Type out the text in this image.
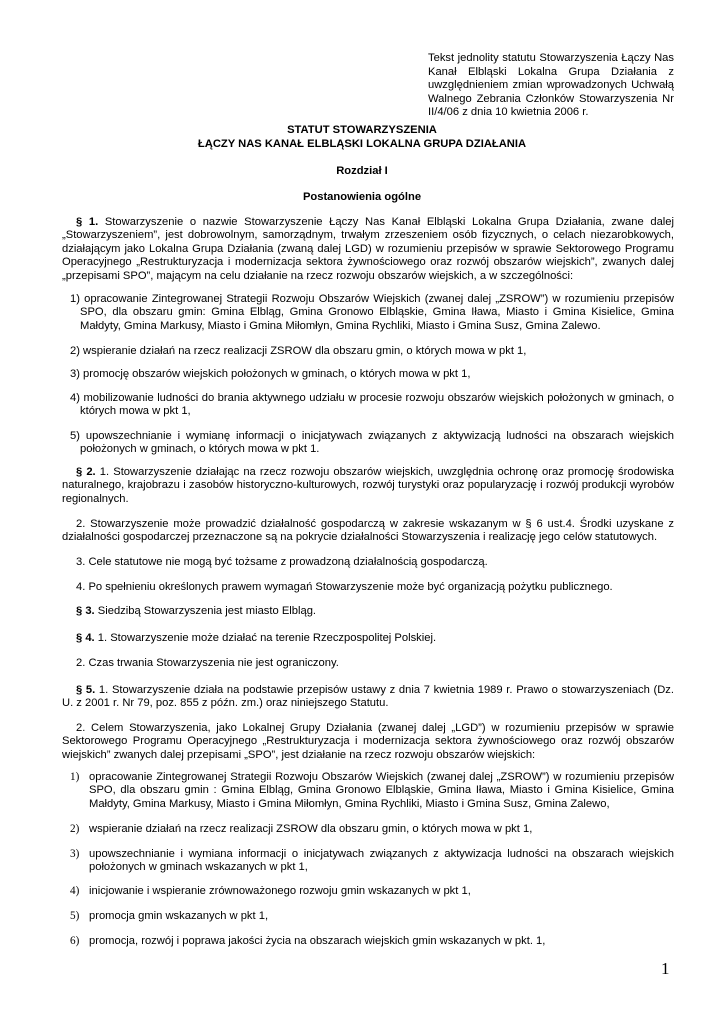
Tekst jednolity statutu Stowarzyszenia Łączy Nas Kanał Elbląski Lokalna Grupa Działania z uwzględnieniem zmian wprowadzonych Uchwałą Walnego Zebrania Członków Stowarzyszenia Nr II/4/06 z dnia 10 kwietnia 2006 r.
STATUT STOWARZYSZENIA
ŁĄCZY NAS KANAŁ ELBLĄSKI LOKALNA GRUPA DZIAŁANIA
Rozdział I
Postanowienia ogólne

§ 1. Stowarzyszenie o nazwie Stowarzyszenie Łączy Nas Kanał Elbląski Lokalna Grupa Działania, zwane dalej „Stowarzyszeniem”, jest dobrowolnym, samorządnym, trwałym zrzeszeniem osób fizycznych, o celach niezarobkowych, działającym jako Lokalna Grupa Działania (zwaną dalej LGD) w rozumieniu przepisów w sprawie Sektorowego Programu Operacyjnego „Restrukturyzacja i modernizacja sektora żywnościowego oraz rozwój obszarów wiejskich”, zwanych dalej „przepisami SPO”, mającym na celu działanie na rzecz rozwoju obszarów wiejskich, a w szczególności:

1) opracowanie Zintegrowanej Strategii Rozwoju Obszarów Wiejskich (zwanej dalej „ZSROW”) w rozumieniu przepisów SPO, dla obszaru gmin: Gmina Elbląg, Gmina Gronowo Elbląskie, Gmina Iława, Miasto i Gmina Kisielice, Gmina Małdyty, Gmina Markusy, Miasto i Gmina Miłomłyn, Gmina Rychliki, Miasto i Gmina Susz, Gmina Zalewo.

2) wspieranie działań na rzecz realizacji ZSROW dla obszaru gmin, o których mowa w pkt 1,

3) promocję obszarów wiejskich położonych w gminach, o których mowa w pkt 1,

4) mobilizowanie ludności do brania aktywnego udziału w procesie rozwoju obszarów wiejskich położonych w gminach, o których mowa w pkt 1,

5) upowszechnianie i wymianę informacji o inicjatywach związanych z aktywizacją ludności na obszarach wiejskich położonych w gminach, o których mowa w pkt 1.

§ 2. 1. Stowarzyszenie działając na rzecz rozwoju obszarów wiejskich, uwzględnia ochronę oraz promocję środowiska naturalnego, krajobrazu i zasobów historyczno-kulturowych, rozwój turystyki oraz popularyzację i rozwój produkcji wyrobów regionalnych.

2. Stowarzyszenie może prowadzić działalność gospodarczą w zakresie wskazanym w § 6 ust.4. Środki uzyskane z działalności gospodarczej przeznaczone są na pokrycie działalności Stowarzyszenia i realizację jego celów statutowych.

3. Cele statutowe nie mogą być tożsame z prowadzoną działalnością gospodarczą.

4. Po spełnieniu określonych prawem wymagań Stowarzyszenie może być organizacją pożytku publicznego.

§ 3. Siedzibą Stowarzyszenia jest miasto Elbląg.

§ 4. 1. Stowarzyszenie może działać na terenie Rzeczpospolitej Polskiej.

2. Czas trwania Stowarzyszenia nie jest ograniczony.

§ 5. 1. Stowarzyszenie działa na podstawie przepisów ustawy z dnia 7 kwietnia 1989 r. Prawo o stowarzyszeniach (Dz. U. z 2001 r. Nr 79, poz. 855 z późn. zm.) oraz niniejszego Statutu.

2. Celem Stowarzyszenia, jako Lokalnej Grupy Działania (zwanej dalej „LGD”) w rozumieniu przepisów w sprawie Sektorowego Programu Operacyjnego „Restrukturyzacja i modernizacja sektora żywnościowego oraz rozwój obszarów wiejskich” zwanych dalej przepisami „SPO”, jest działanie na rzecz rozwoju obszarów wiejskich:

1) opracowanie Zintegrowanej Strategii Rozwoju Obszarów Wiejskich (zwanej dalej „ZSROW”) w rozumieniu przepisów SPO, dla obszaru gmin : Gmina Elbląg, Gmina Gronowo Elbląskie, Gmina Iława, Miasto i Gmina Kisielice, Gmina Małdyty, Gmina Markusy, Miasto i Gmina Miłomłyn, Gmina Rychliki, Miasto i Gmina Susz, Gmina Zalewo,
2) wspieranie działań na rzecz realizacji ZSROW dla obszaru gmin, o których mowa w pkt 1,
3) upowszechnianie i wymiana informacji o inicjatywach związanych z aktywizacja ludności na obszarach wiejskich położonych w gminach wskazanych w pkt 1,
4) inicjowanie i wspieranie zrównoważonego rozwoju gmin wskazanych w pkt 1,
5) promocja gmin wskazanych w pkt 1,
6) promocja, rozwój i poprawa jakości życia na obszarach wiejskich gmin wskazanych w pkt. 1,
1
